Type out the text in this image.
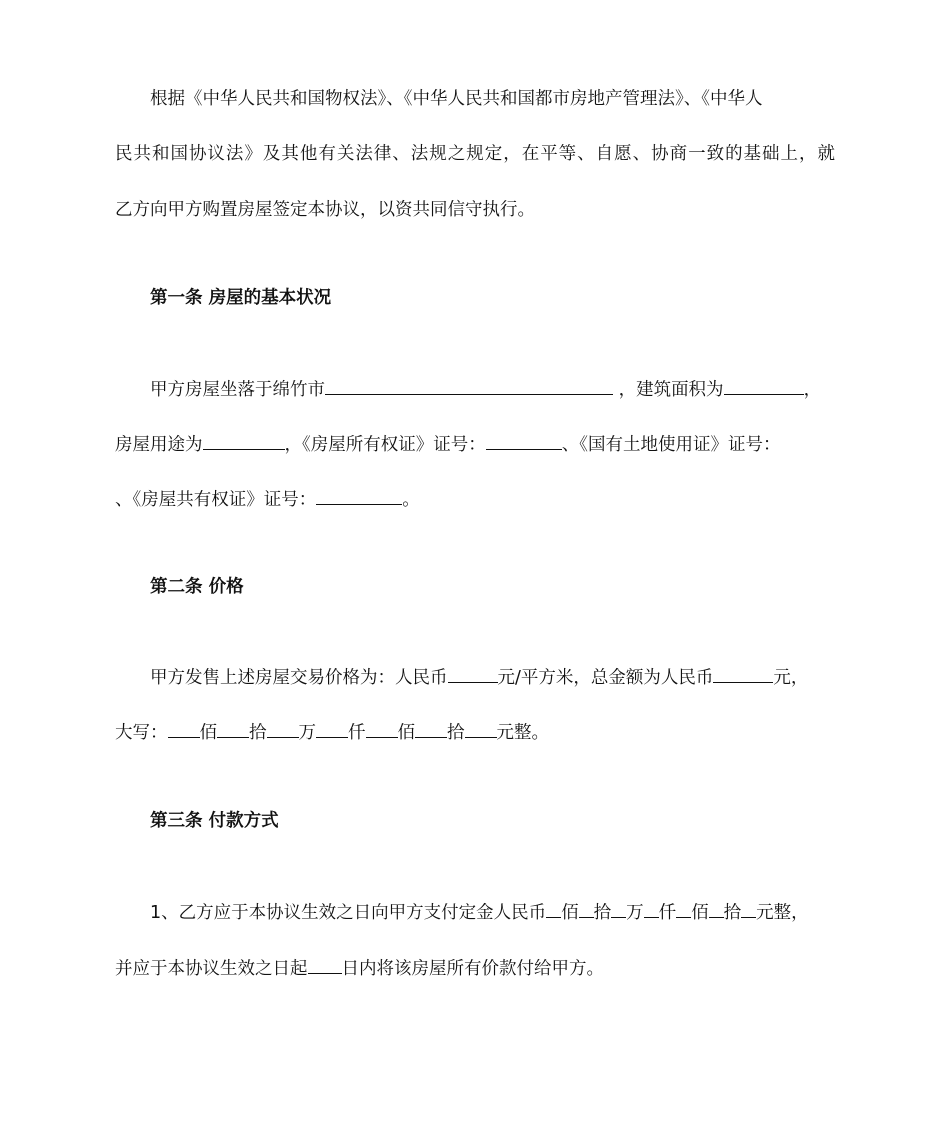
根据《中华人民共和国物权法》、《中华人民共和国都市房地产管理法》、《中华人
民共和国协议法》及其他有关法律、法规之规定，在平等、自愿、协商一致的基础上，就
乙方向甲方购置房屋签定本协议，以资共同信守执行。
第一条 房屋的基本状况
甲方房屋坐落于绵竹市	，建筑面积为	，
房屋用途为	，《房屋所有权证》证号：	、《国有土地使用证》证号：
、《房屋共有权证》证号：	。
第二条 价格
甲方发售上述房屋交易价格为：人民币	元/平方米，总金额为人民币	元，
大写： 佰 拾 万 仟 佰 拾 元整。
第三条 付款方式
1、乙方应于本协议生效之日向甲方支付定金人民币 佰 拾 万 仟 佰 拾 元整，
并应于本协议生效之日起 日内将该房屋所有价款付给甲方。
